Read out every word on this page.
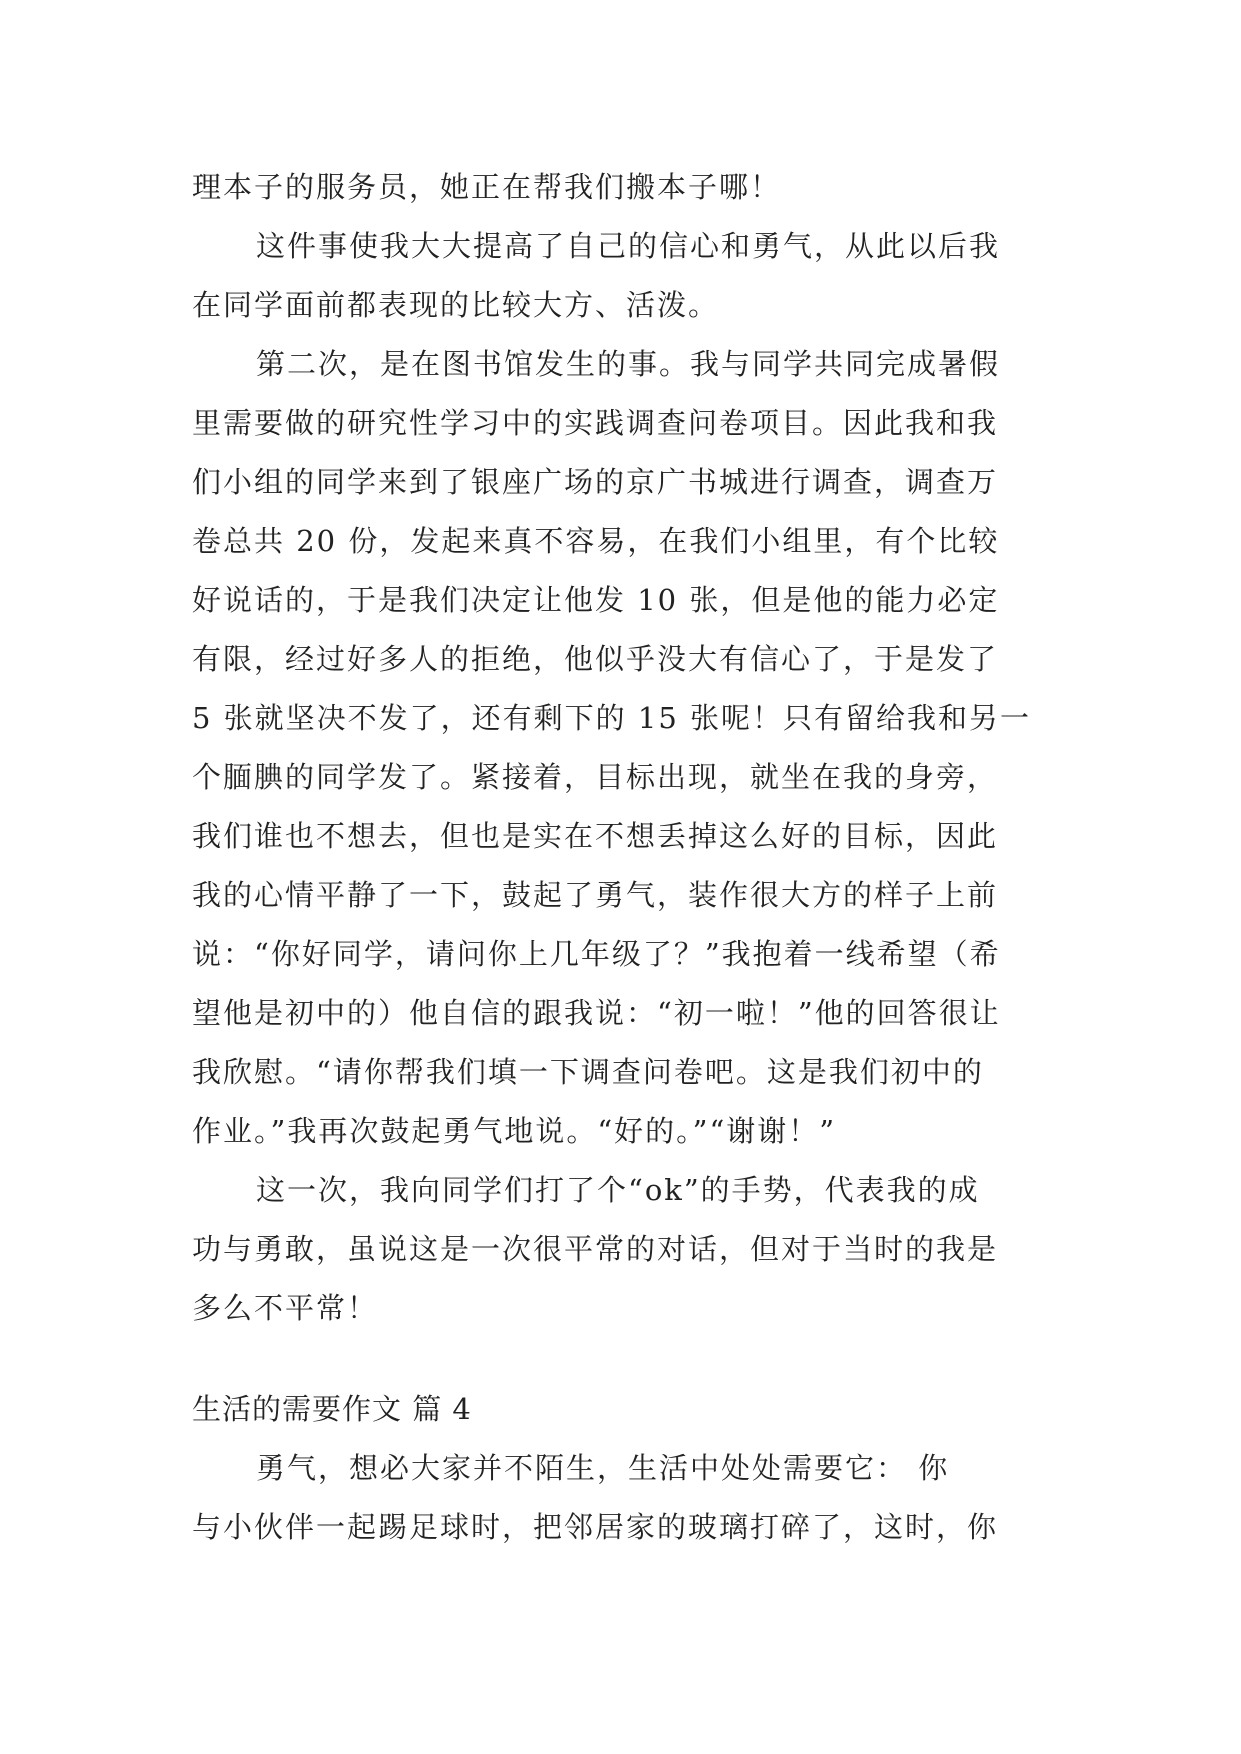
理本子的服务员，她正在帮我们搬本子哪！
这件事使我大大提高了自己的信心和勇气，从此以后我
在同学面前都表现的比较大方、活泼。
第二次，是在图书馆发生的事。我与同学共同完成暑假
里需要做的研究性学习中的实践调查问卷项目。因此我和我
们小组的同学来到了银座广场的京广书城进行调查，调查万
卷总共 20 份，发起来真不容易，在我们小组里，有个比较
好说话的，于是我们决定让他发 10 张，但是他的能力必定
有限，经过好多人的拒绝，他似乎没大有信心了，于是发了
5 张就坚决不发了，还有剩下的 15 张呢！只有留给我和另一
个腼腆的同学发了。紧接着，目标出现，就坐在我的身旁，
我们谁也不想去，但也是实在不想丢掉这么好的目标，因此
我的心情平静了一下，鼓起了勇气，装作很大方的样子上前
说：“你好同学，请问你上几年级了？”我抱着一线希望（希
望他是初中的）他自信的跟我说：“初一啦！”他的回答很让
我欣慰。“请你帮我们填一下调查问卷吧。这是我们初中的
作业。”我再次鼓起勇气地说。“好的。”“谢谢！”
这一次，我向同学们打了个“ok”的手势，代表我的成
功与勇敢，虽说这是一次很平常的对话，但对于当时的我是
多么不平常！
生活的需要作文 篇 4
勇气，想必大家并不陌生，生活中处处需要它： 你
与小伙伴一起踢足球时，把邻居家的玻璃打碎了，这时，你
